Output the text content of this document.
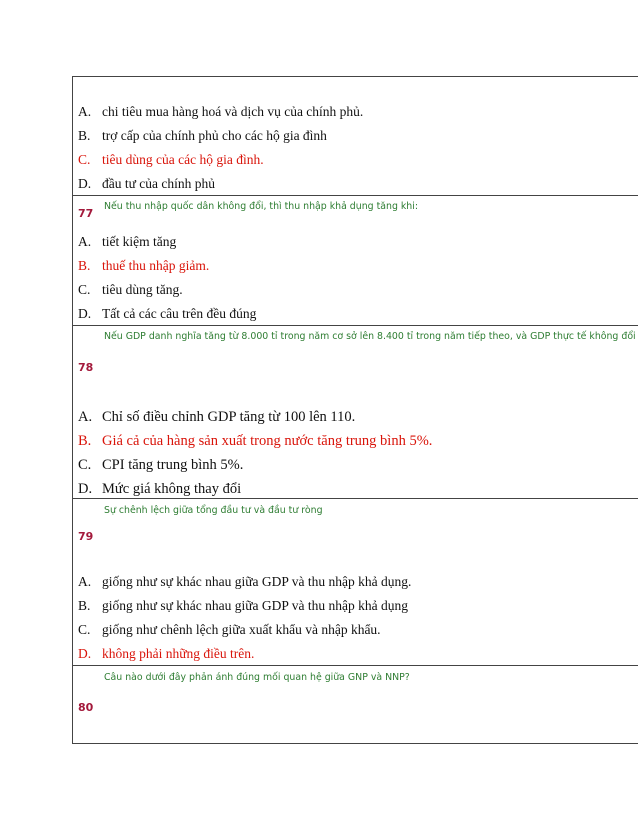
A. chi tiêu mua hàng hoá và dịch vụ của chính phủ.
B. trợ cấp của chính phủ cho các hộ gia đình
C. tiêu dùng của các hộ gia đình.
D. đầu tư của chính phủ
Nếu thu nhập quốc dân không đổi, thì thu nhập khả dụng tăng khi:
77
A. tiết kiệm tăng
B. thuế thu nhập giảm.
C. tiêu dùng tăng.
D. Tất cả các câu trên đều đúng
Nếu GDP danh nghĩa tăng từ 8.000 tỉ trong năm cơ sở lên 8.400 tỉ trong năm tiếp theo, và GDP thực tế không đổi
78
A. Chỉ số điều chỉnh GDP tăng từ 100 lên 110.
B. Giá cả của hàng sản xuất trong nước tăng trung bình 5%.
C. CPI tăng trung bình 5%.
D. Mức giá không thay đổi
Sự chênh lệch giữa tổng đầu tư và đầu tư ròng
79
A. giống như sự khác nhau giữa GDP và thu nhập khả dụng.
B. giống như sự khác nhau giữa GDP và thu nhập khả dụng
C. giống như chênh lệch giữa xuất khẩu và nhập khẩu.
D. không phải những điều trên.
Câu nào dưới đây phản ánh đúng mối quan hệ giữa GNP và NNP?
80
